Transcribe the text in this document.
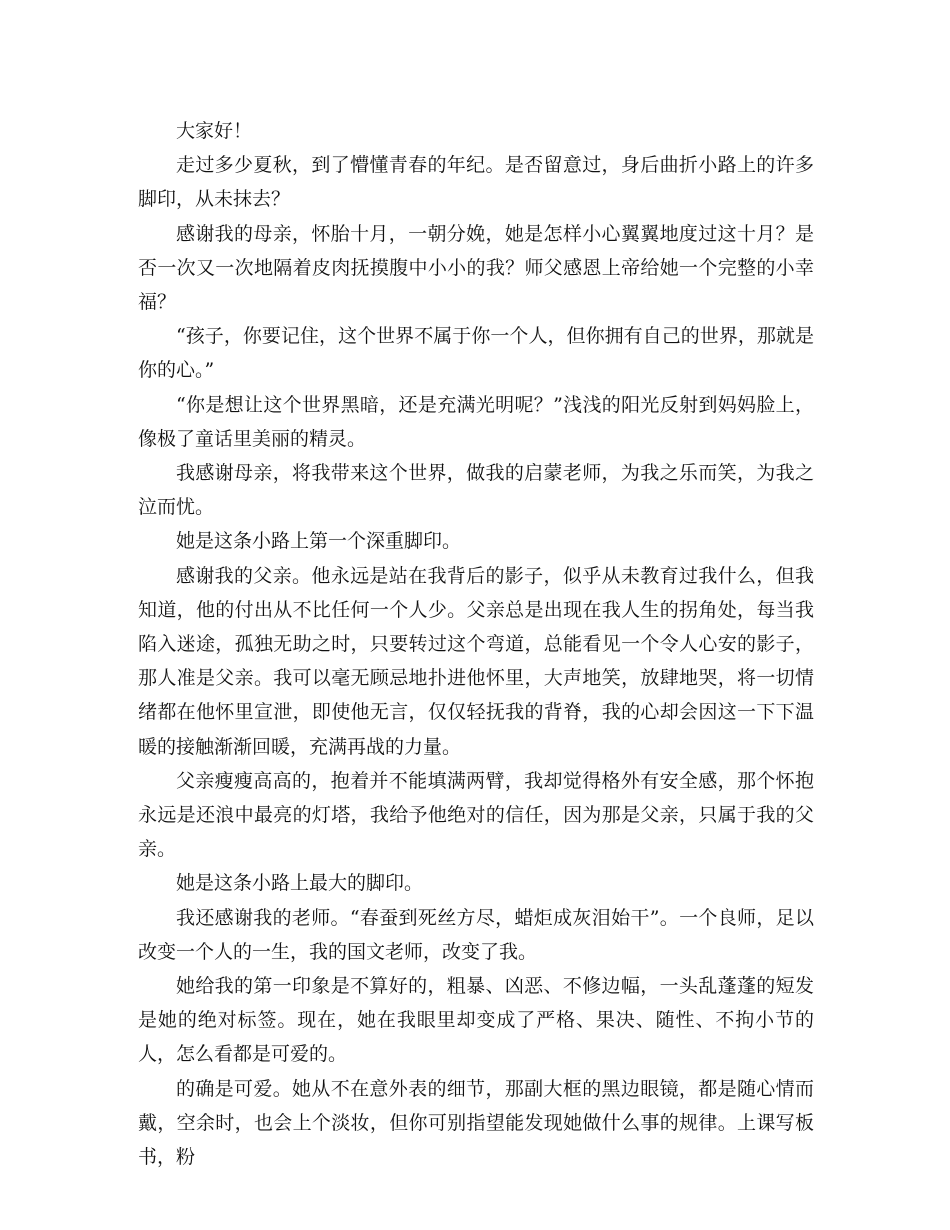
大家好！

走过多少夏秋，到了懵懂青春的年纪。是否留意过，身后曲折小路上的许多脚印，从未抹去？

感谢我的母亲，怀胎十月，一朝分娩，她是怎样小心翼翼地度过这十月？是否一次又一次地隔着皮肉抚摸腹中小小的我？师父感恩上帝给她一个完整的小幸福？

“孩子，你要记住，这个世界不属于你一个人，但你拥有自己的世界，那就是你的心。”

“你是想让这个世界黑暗，还是充满光明呢？”浅浅的阳光反射到妈妈脸上，像极了童话里美丽的精灵。

我感谢母亲，将我带来这个世界，做我的启蒙老师，为我之乐而笑，为我之泣而忧。

她是这条小路上第一个深重脚印。

感谢我的父亲。他永远是站在我背后的影子，似乎从未教育过我什么，但我知道，他的付出从不比任何一个人少。父亲总是出现在我人生的拐角处，每当我陷入迷途，孤独无助之时，只要转过这个弯道，总能看见一个令人心安的影子，那人准是父亲。我可以毫无顾忌地扑进他怀里，大声地笑，放肆地哭，将一切情绪都在他怀里宣泄，即使他无言，仅仅轻抚我的背脊，我的心却会因这一下下温暖的接触渐渐回暖，充满再战的力量。

父亲瘦瘦高高的，抱着并不能填满两臂，我却觉得格外有安全感，那个怀抱永远是还浪中最亮的灯塔，我给予他绝对的信任，因为那是父亲，只属于我的父亲。

她是这条小路上最大的脚印。

我还感谢我的老师。“春蚕到死丝方尽，蜡炬成灰泪始干”。一个良师，足以改变一个人的一生，我的国文老师，改变了我。

她给我的第一印象是不算好的，粗暴、凶恶、不修边幅，一头乱蓬蓬的短发是她的绝对标签。现在，她在我眼里却变成了严格、果决、随性、不拘小节的人，怎么看都是可爱的。

的确是可爱。她从不在意外表的细节，那副大框的黑边眼镜，都是随心情而戴，空余时，也会上个淡妆，但你可别指望能发现她做什么事的规律。上课写板书，粉
